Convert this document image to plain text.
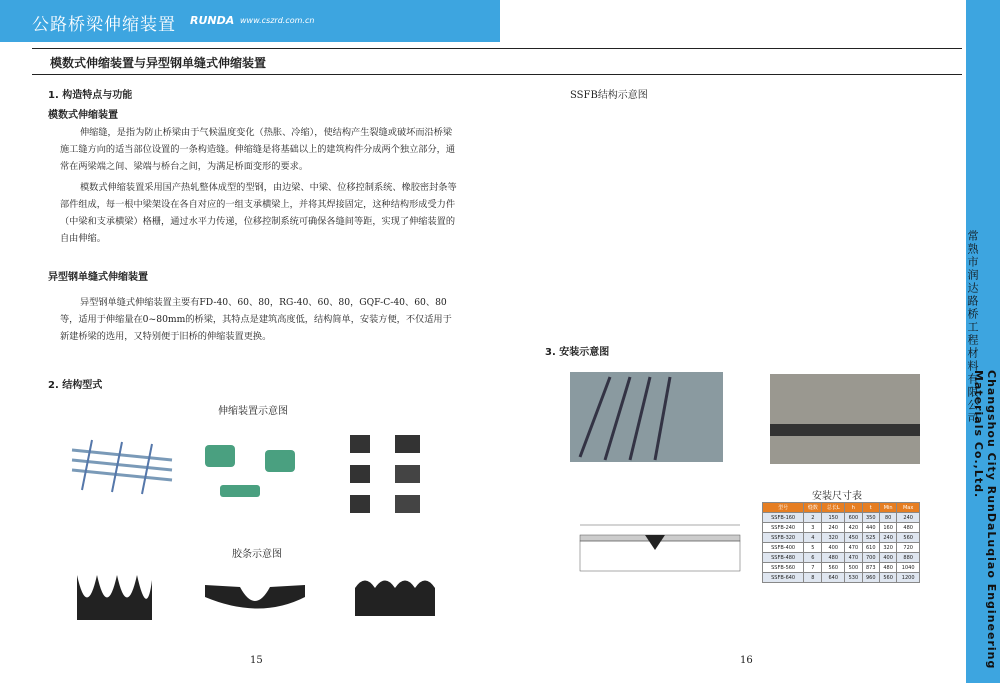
公路桥梁伸缩装置 RUNDA www.cszrd.com.cn
常熟市润达路桥工程材料有限公司
Changshou City RunDaLuqiao Engineering Materials Co.,Ltd.
模数式伸缩装置与异型钢单缝式伸缩装置
1. 构造特点与功能
模数式伸缩装置
伸缩缝，是指为防止桥梁由于气候温度变化（热胀、冷缩），使结构产生裂缝或破坏而沿桥梁施工缝方向的适当部位设置的一条构造缝。伸缩缝是将基础以上的建筑构件分成两个独立部分，通常在两梁端之间、梁端与桥台之间，为满足桥面变形的要求。
模数式伸缩装置采用国产热轧整体成型的型钢，由边梁、中梁、位移控制系统、橡胶密封条等部件组成，每一根中梁架设在各自对应的一组支承横梁上，并将其焊接固定，这种结构形成受力件（中梁和支承横梁）格栅，通过水平力传递，位移控制系统可确保各缝间等距，实现了伸缩装置的自由伸缩。
异型钢单缝式伸缩装置
异型钢单缝式伸缩装置主要有FD-40、60、80，RG-40、60、80，GQF-C-40、60、80等，适用于伸缩量在0~80mm的桥梁，其特点是建筑高度低，结构简单，安装方便，不仅适用于新建桥梁的选用，又特别便于旧桥的伸缩装置更换。
2. 结构型式
伸缩装置示意图
胶条示意图
15
SSFB结构示意图
3. 安装示意图
安装尺寸表
型号	缝数	总长L	h	t	Min	Max
SSFB-160	2	150	600	350	80	240
SSFB-240	3	240	420	440	160	480
SSFB-320	4	320	450	525	240	560
SSFB-400	5	400	470	610	320	720
SSFB-480	6	480	470	700	400	880
SSFB-560	7	560	500	873	480	1040
SSFB-640	8	640	530	960	560	1200
16
